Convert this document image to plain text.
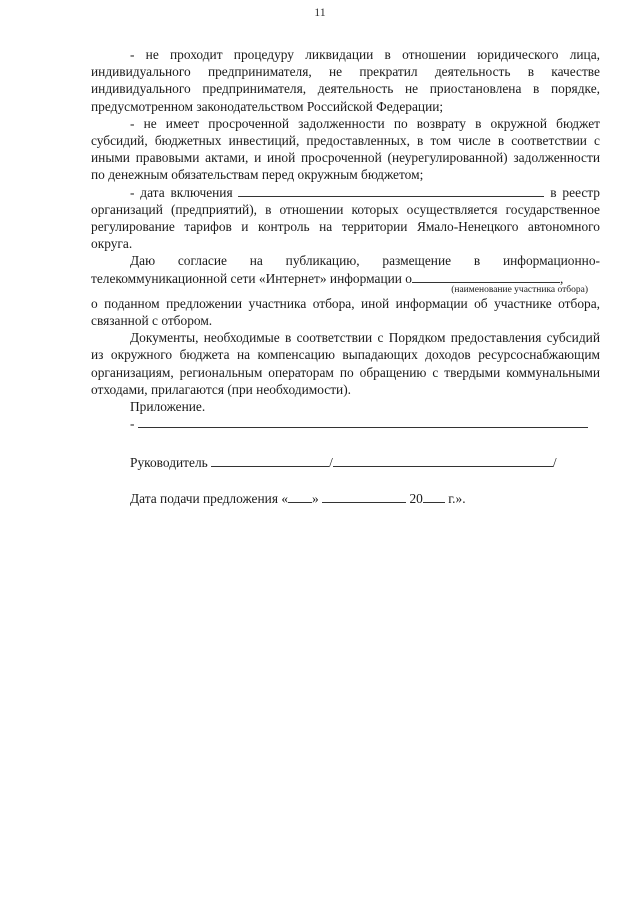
11

- не проходит процедуру ликвидации в отношении юридического лица, индивидуального предпринимателя, не прекратил деятельность в качестве индивидуального предпринимателя, деятельность не приостановлена в порядке, предусмотренном законодательством Российской Федерации;

- не имеет просроченной задолженности по возврату в окружной бюджет субсидий, бюджетных инвестиций, предоставленных, в том числе в соответствии с иными правовыми актами, и иной просроченной (неурегулированной) задолженности по денежным обязательствам перед окружным бюджетом;

- дата включения	в реестр организаций (предприятий), в отношении которых осуществляется государственное регулирование тарифов и контроль на территории Ямало-Ненецкого автономного округа.

Даю согласие на публикацию, размещение в информационно-телекоммуникационной сети «Интернет» информации о	,

(наименование участника отбора)

о поданном предложении участника отбора, иной информации об участнике отбора, связанной с отбором.

Документы, необходимые в соответствии с Порядком предоставления субсидий из окружного бюджета на компенсацию выпадающих доходов ресурсоснабжающим организациям, региональным операторам по обращению с твердыми коммунальными отходами, прилагаются (при необходимости).

Приложение.

-

Руководитель	/	/

Дата подачи предложения « »	20 г.».
